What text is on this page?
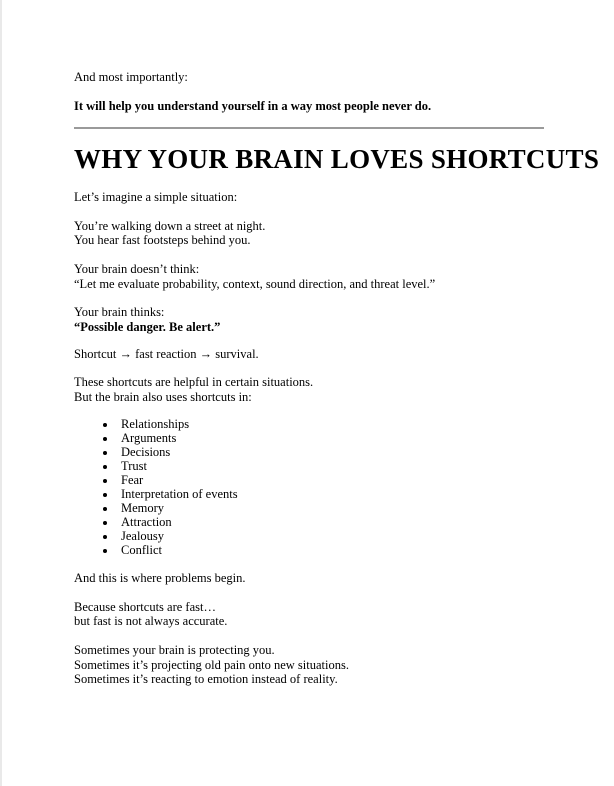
And most importantly:

It will help you understand yourself in a way most people never do.

WHY YOUR BRAIN LOVES SHORTCUTS

Let’s imagine a simple situation:

You’re walking down a street at night.
You hear fast footsteps behind you.

Your brain doesn’t think:
“Let me evaluate probability, context, sound direction, and threat level.”

Your brain thinks:
“Possible danger. Be alert.”

Shortcut → fast reaction → survival.

These shortcuts are helpful in certain situations.
But the brain also uses shortcuts in:

• Relationships
• Arguments
• Decisions
• Trust
• Fear
• Interpretation of events
• Memory
• Attraction
• Jealousy
• Conflict

And this is where problems begin.

Because shortcuts are fast…
but fast is not always accurate.

Sometimes your brain is protecting you.
Sometimes it’s projecting old pain onto new situations.
Sometimes it’s reacting to emotion instead of reality.
